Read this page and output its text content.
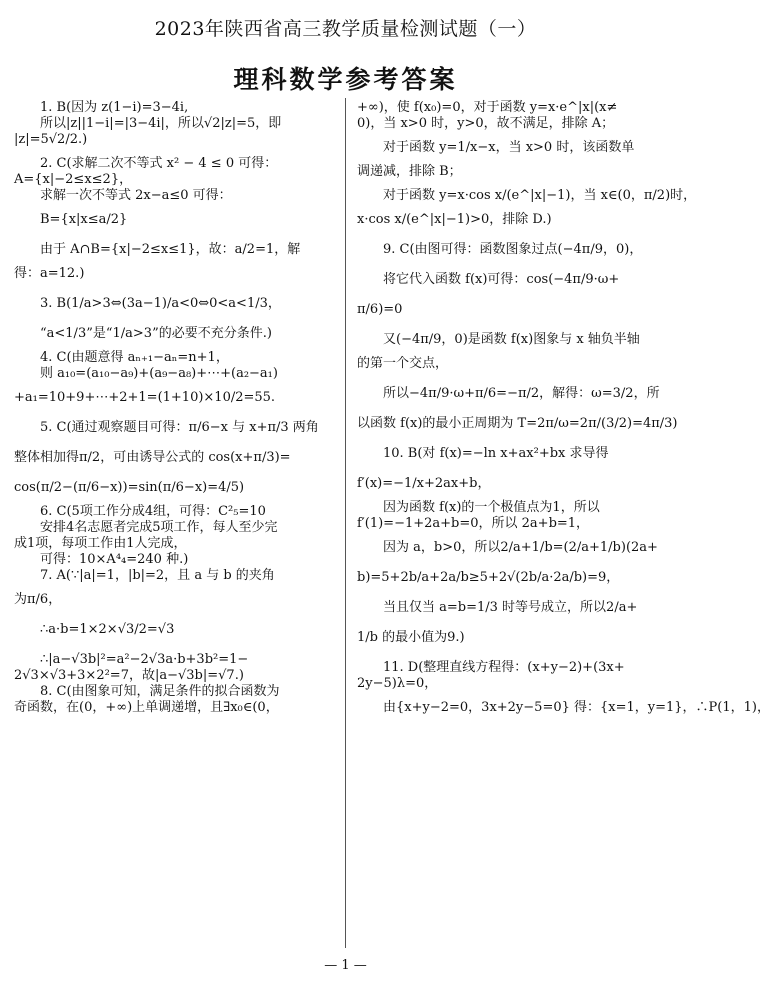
2023年陕西省高三教学质量检测试题（一）
理科数学参考答案
1. B(因为 z(1−i)=3−4i,
所以|z||1−i|=|3−4i|，所以√2|z|=5，即
|z|=5√2/2.)
2. C(求解二次不等式 x² − 4 ≤ 0 可得：
A={x|−2≤x≤2}，
求解一次不等式 2x−a≤0 可得：
B={x|x≤a/2}
由于 A∩B={x|−2≤x≤1}，故：a/2=1，解
得：a=12.)
3. B(1/a>3⇔(3a−1)/a<0⇔0<a<1/3，
“a<1/3”是“1/a>3”的必要不充分条件.)
4. C(由题意得 aₙ₊₁−aₙ=n+1，
则 a₁₀=(a₁₀−a₉)+(a₉−a₈)+⋯+(a₂−a₁)
+a₁=10+9+⋯+2+1=(1+10)×10/2=55.
5. C(通过观察题目可得：π/6−x 与 x+π/3 两角
整体相加得π/2，可由诱导公式的 cos(x+π/3)=
cos(π/2−(π/6−x))=sin(π/6−x)=4/5)
6. C(5项工作分成4组，可得：C²₅=10
安排4名志愿者完成5项工作，每人至少完
成1项，每项工作由1人完成，
可得：10×A⁴₄=240 种.)
7. A(∵|a|=1，|b|=2，且 a 与 b 的夹角
为π/6，
∴a·b=1×2×√3/2=√3
∴|a−√3b|²=a²−2√3a·b+3b²=1−
2√3×√3+3×2²=7，故|a−√3b|=√7.)
8. C(由图象可知，满足条件的拟合函数为
奇函数，在(0，+∞)上单调递增，且∃x₀∈(0，
+∞)，使 f(x₀)=0，对于函数 y=x·e^|x|(x≠
0)，当 x>0 时，y>0，故不满足，排除 A；
对于函数 y=1/x−x，当 x>0 时，该函数单
调递减，排除 B；
对于函数 y=x·cos x/(e^|x|−1)，当 x∈(0，π/2)时，
x·cos x/(e^|x|−1)>0，排除 D.)
9. C(由图可得：函数图象过点(−4π/9，0)，
将它代入函数 f(x)可得：cos(−4π/9·ω+
π/6)=0
又(−4π/9，0)是函数 f(x)图象与 x 轴负半轴
的第一个交点，
所以−4π/9·ω+π/6=−π/2，解得：ω=3/2，所
以函数 f(x)的最小正周期为 T=2π/ω=2π/(3/2)=4π/3)
10. B(对 f(x)=−ln x+ax²+bx 求导得
f′(x)=−1/x+2ax+b，
因为函数 f(x)的一个极值点为1，所以
f′(1)=−1+2a+b=0，所以 2a+b=1，
因为 a，b>0，所以2/a+1/b=(2/a+1/b)(2a+
b)=5+2b/a+2a/b≥5+2√(2b/a·2a/b)=9，
当且仅当 a=b=1/3 时等号成立，所以2/a+
1/b 的最小值为9.)
11. D(整理直线方程得：(x+y−2)+(3x+
2y−5)λ=0，
由{x+y−2=0，3x+2y−5=0} 得：{x=1，y=1}，∴P(1，1)，
— 1 —
